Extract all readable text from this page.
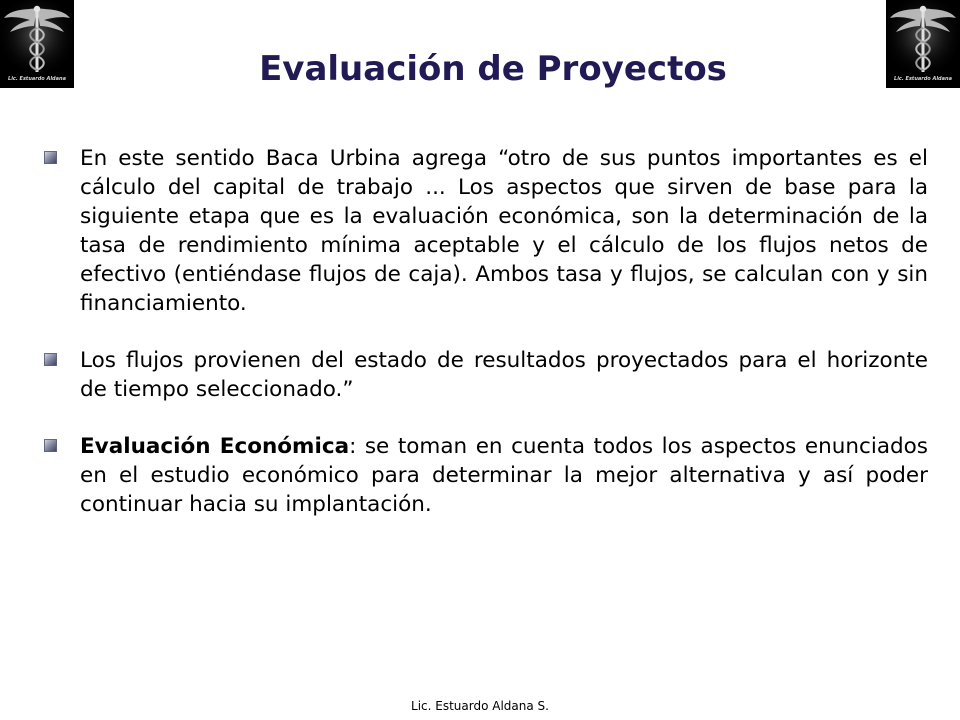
Lic. Estuardo Aldana	Lic. Estuardo Aldana
Evaluación de Proyectos

En este sentido Baca Urbina agrega “otro de sus puntos importantes es el cálculo del capital de trabajo ... Los aspectos que sirven de base para la siguiente etapa que es la evaluación económica, son la determinación de la tasa de rendimiento mínima aceptable y el cálculo de los flujos netos de efectivo (entiéndase flujos de caja). Ambos tasa y flujos, se calculan con y sin financiamiento.

Los flujos provienen del estado de resultados proyectados para el horizonte de tiempo seleccionado.”

Evaluación Económica: se toman en cuenta todos los aspectos enunciados en el estudio económico para determinar la mejor alternativa y así poder continuar hacia su implantación.

Lic. Estuardo Aldana S.
